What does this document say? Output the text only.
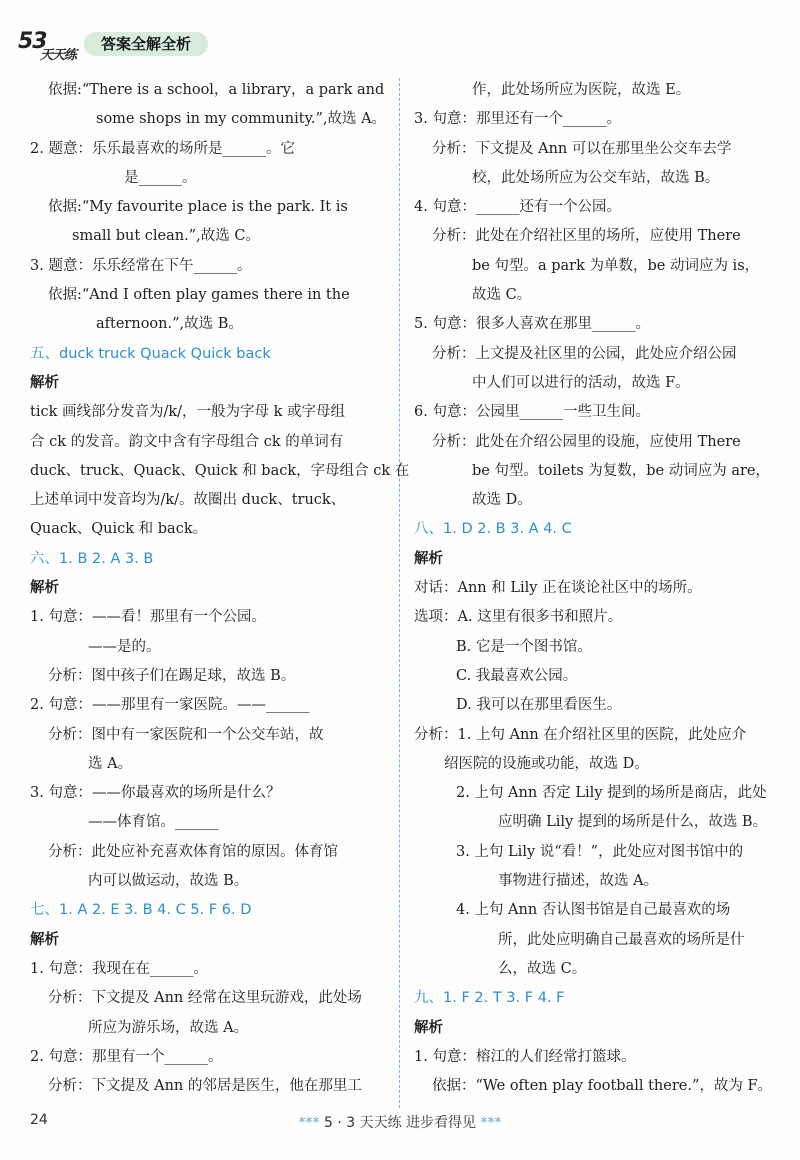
53
天天练
答案全解全析
依据:“There is a school，a library，a park and
some shops in my community.”,故选 A。
2. 题意：乐乐最喜欢的场所是______。它
是______。
依据:“My favourite place is the park. It is
small but clean.”,故选 C。
3. 题意：乐乐经常在下午______。
依据:“And I often play games there in the
afternoon.”,故选 B。
五、duck truck Quack Quick back
解析
tick 画线部分发音为/k/，一般为字母 k 或字母组
合 ck 的发音。韵文中含有字母组合 ck 的单词有
duck、truck、Quack、Quick 和 back，字母组合 ck 在
上述单词中发音均为/k/。故圈出 duck、truck、
Quack、Quick 和 back。
六、1. B 2. A 3. B
解析
1. 句意：——看！那里有一个公园。
——是的。
分析：图中孩子们在踢足球，故选 B。
2. 句意：——那里有一家医院。——______
分析：图中有一家医院和一个公交车站，故
选 A。
3. 句意：——你最喜欢的场所是什么？
——体育馆。______
分析：此处应补充喜欢体育馆的原因。体育馆
内可以做运动，故选 B。
七、1. A 2. E 3. B 4. C 5. F 6. D
解析
1. 句意：我现在在______。
分析：下文提及 Ann 经常在这里玩游戏，此处场
所应为游乐场，故选 A。
2. 句意：那里有一个______。
分析：下文提及 Ann 的邻居是医生，他在那里工
作，此处场所应为医院，故选 E。
3. 句意：那里还有一个______。
分析：下文提及 Ann 可以在那里坐公交车去学
校，此处场所应为公交车站，故选 B。
4. 句意：______还有一个公园。
分析：此处在介绍社区里的场所，应使用 There
be 句型。a park 为单数，be 动词应为 is，
故选 C。
5. 句意：很多人喜欢在那里______。
分析：上文提及社区里的公园，此处应介绍公园
中人们可以进行的活动，故选 F。
6. 句意：公园里______一些卫生间。
分析：此处在介绍公园里的设施，应使用 There
be 句型。toilets 为复数，be 动词应为 are，
故选 D。
八、1. D 2. B 3. A 4. C
解析
对话：Ann 和 Lily 正在谈论社区中的场所。
选项：A. 这里有很多书和照片。
B. 它是一个图书馆。
C. 我最喜欢公园。
D. 我可以在那里看医生。
分析：1. 上句 Ann 在介绍社区里的医院，此处应介
绍医院的设施或功能，故选 D。
2. 上句 Ann 否定 Lily 提到的场所是商店，此处
应明确 Lily 提到的场所是什么，故选 B。
3. 上句 Lily 说“看！”，此处应对图书馆中的
事物进行描述，故选 A。
4. 上句 Ann 否认图书馆是自己最喜欢的场
所，此处应明确自己最喜欢的场所是什
么，故选 C。
九、1. F 2. T 3. F 4. F
解析
1. 句意：榕江的人们经常打篮球。
依据：“We often play football there.”，故为 F。
24	*** 5 · 3 天天练 进步看得见 ***
